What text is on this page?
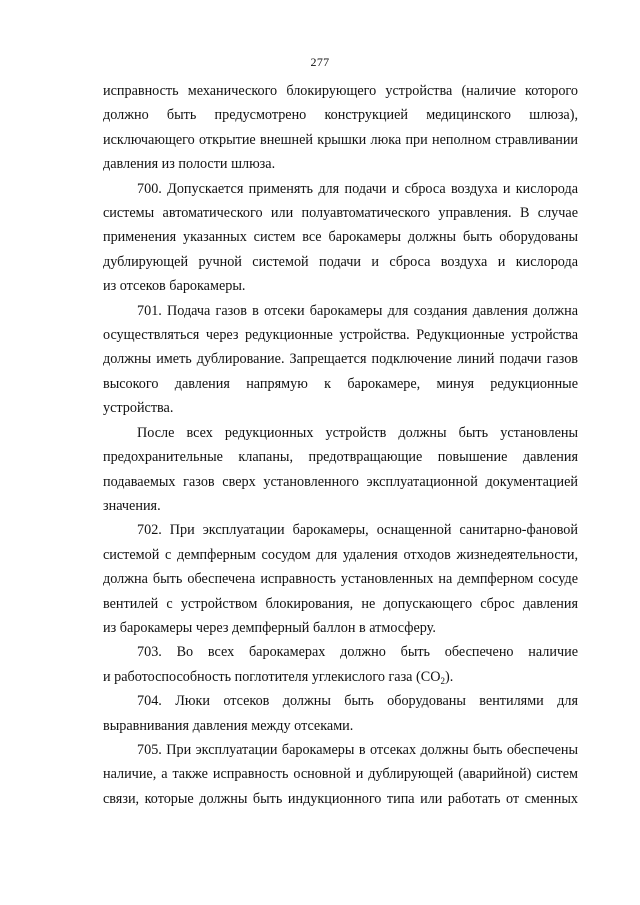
277

исправность механического блокирующего устройства (наличие которого
должно быть предусмотрено конструкцией медицинского шлюза),
исключающего открытие внешней крышки люка при неполном стравливании
давления из полости шлюза.

700. Допускается применять для подачи и сброса воздуха и кислорода
системы автоматического или полуавтоматического управления. В случае
применения указанных систем все барокамеры должны быть оборудованы
дублирующей ручной системой подачи и сброса воздуха и кислорода
из отсеков барокамеры.

701. Подача газов в отсеки барокамеры для создания давления должна
осуществляться через редукционные устройства. Редукционные устройства
должны иметь дублирование. Запрещается подключение линий подачи газов
высокого давления напрямую к барокамере, минуя редукционные
устройства.

После всех редукционных устройств должны быть установлены
предохранительные клапаны, предотвращающие повышение давления
подаваемых газов сверх установленного эксплуатационной документацией
значения.

702. При эксплуатации барокамеры, оснащенной санитарно-фановой
системой с демпферным сосудом для удаления отходов жизнедеятельности,
должна быть обеспечена исправность установленных на демпферном сосуде
вентилей с устройством блокирования, не допускающего сброс давления
из барокамеры через демпферный баллон в атмосферу.

703. Во всех барокамерах должно быть обеспечено наличие
и работоспособность поглотителя углекислого газа $(CO_2)$.

704. Люки отсеков должны быть оборудованы вентилями для
выравнивания давления между отсеками.

705. При эксплуатации барокамеры в отсеках должны быть обеспечены
наличие, а также исправность основной и дублирующей (аварийной) систем
связи, которые должны быть индукционного типа или работать от сменных
